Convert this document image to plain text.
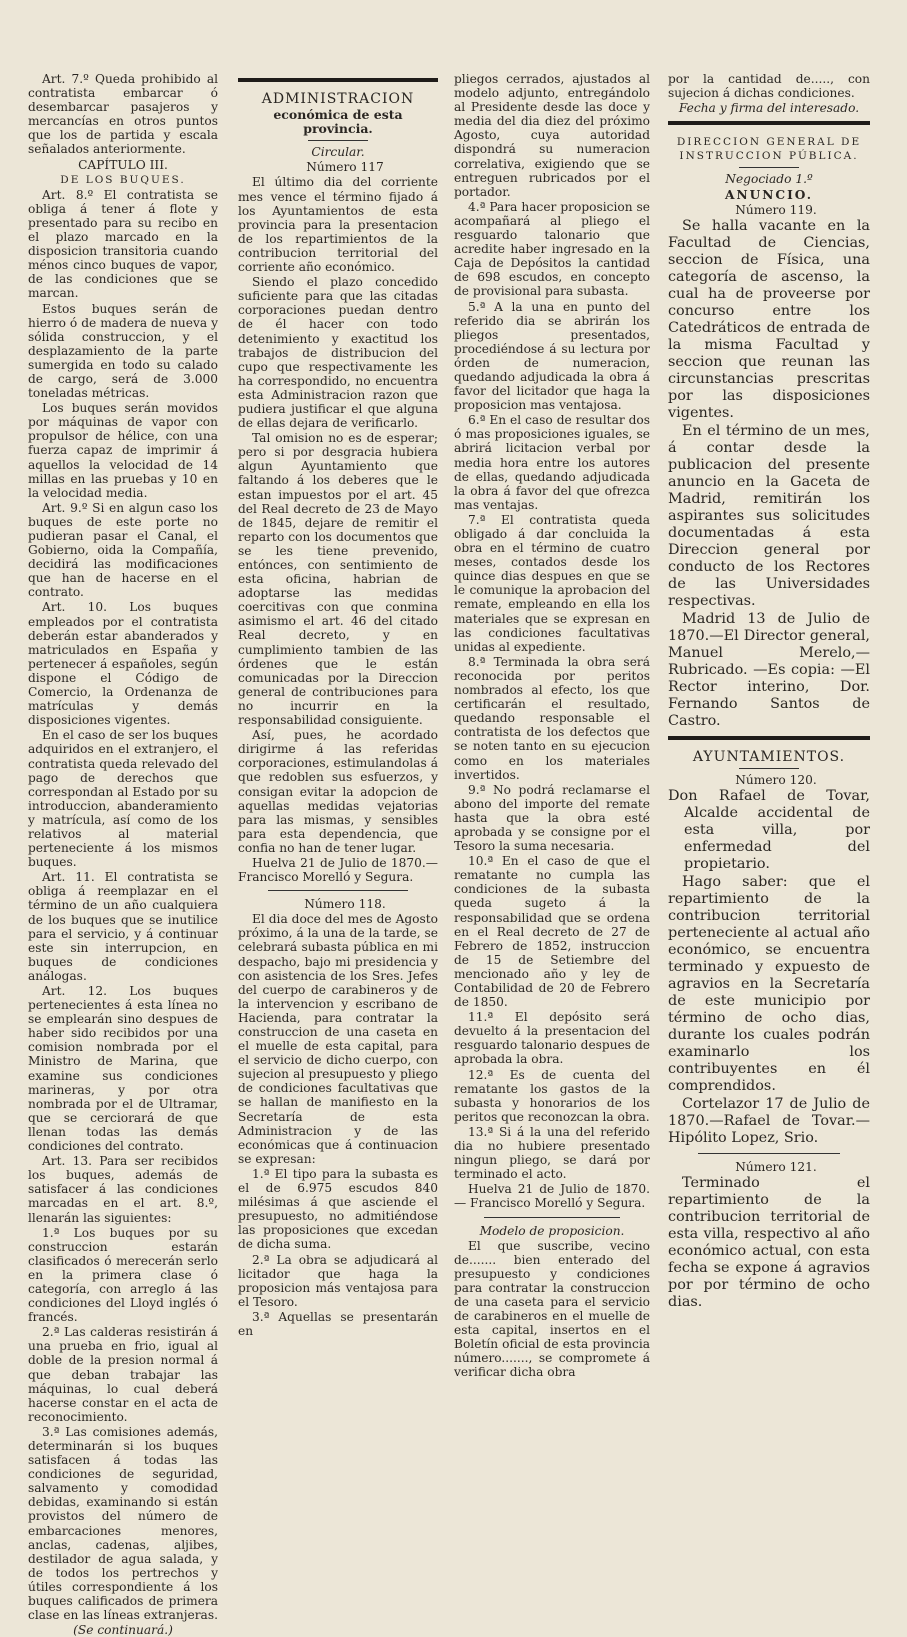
Art. 7.º Queda prohibido al contratista embarcar ó desembarcar pasajeros y mercancías en otros puntos que los de partida y escala señalados anteriormente.

CAPÍTULO III.

DE LOS BUQUES.

Art. 8.º El contratista se obliga á tener á flote y presentado para su recibo en el plazo marcado en la disposicion transitoria cuando ménos cinco buques de vapor, de las condiciones que se marcan.

Estos buques serán de hierro ó de madera de nueva y sólida construccion, y el desplazamiento de la parte sumergida en todo su calado de cargo, será de 3.000 toneladas métricas.

Los buques serán movidos por máquinas de vapor con propulsor de hélice, con una fuerza capaz de imprimir á aquellos la velocidad de 14 millas en las pruebas y 10 en la velocidad media.

Art. 9.º Si en algun caso los buques de este porte no pudieran pasar el Canal, el Gobierno, oida la Compañía, decidirá las modificaciones que han de hacerse en el contrato.

Art. 10. Los buques empleados por el contratista deberán estar abanderados y matriculados en España y pertenecer á españoles, según dispone el Código de Comercio, la Ordenanza de matrículas y demás disposiciones vigentes.

En el caso de ser los buques adquiridos en el extranjero, el contratista queda relevado del pago de derechos que correspondan al Estado por su introduccion, abanderamiento y matrícula, así como de los relativos al material perteneciente á los mismos buques.

Art. 11. El contratista se obliga á reemplazar en el término de un año cualquiera de los buques que se inutilice para el servicio, y á continuar este sin interrupcion, en buques de condiciones análogas.

Art. 12. Los buques pertenecientes á esta línea no se emplearán sino despues de haber sido recibidos por una comision nombrada por el Ministro de Marina, que examine sus condiciones marineras, y por otra nombrada por el de Ultramar, que se cerciorará de que llenan todas las demás condiciones del contrato.

Art. 13. Para ser recibidos los buques, además de satisfacer á las condiciones marcadas en el art. 8.º, llenarán las siguientes:

1.ª Los buques por su construccion estarán clasificados ó merecerán serlo en la primera clase ó categoría, con arreglo á las condiciones del Lloyd inglés ó francés.

2.ª Las calderas resistirán á una prueba en frio, igual al doble de la presion normal á que deban trabajar las máquinas, lo cual deberá hacerse constar en el acta de reconocimiento.

3.ª Las comisiones además, determinarán si los buques satisfacen á todas las condiciones de seguridad, salvamento y comodidad debidas, examinando si están provistos del número de embarcaciones menores, anclas, cadenas, aljibes, destilador de agua salada, y de todos los pertrechos y útiles correspondiente á los buques calificados de primera clase en las líneas extranjeras.

(Se continuará.)

ADMINISTRACION
económica de esta provincia.

Circular.

Número 117

El último dia del corriente mes vence el término fijado á los Ayuntamientos de esta provincia para la presentacion de los repartimientos de la contribucion territorial del corriente año económico.

Siendo el plazo concedido suficiente para que las citadas corporaciones puedan dentro de él hacer con todo detenimiento y exactitud los trabajos de distribucion del cupo que respectivamente les ha correspondido, no encuentra esta Administracion razon que pudiera justificar el que alguna de ellas dejara de verificarlo.

Tal omision no es de esperar; pero si por desgracia hubiera algun Ayuntamiento que faltando á los deberes que le estan impuestos por el art. 45 del Real decreto de 23 de Mayo de 1845, dejare de remitir el reparto con los documentos que se les tiene prevenido, entónces, con sentimiento de esta oficina, habrian de adoptarse las medidas coercitivas con que conmina asimismo el art. 46 del citado Real decreto, y en cumplimiento tambien de las órdenes que le están comunicadas por la Direccion general de contribuciones para no incurrir en la responsabilidad consiguiente.

Así, pues, he acordado dirigirme á las referidas corporaciones, estimulandolas á que redoblen sus esfuerzos, y consigan evitar la adopcion de aquellas medidas vejatorias para las mismas, y sensibles para esta dependencia, que confia no han de tener lugar.

Huelva 21 de Julio de 1870.— Francisco Morelló y Segura.

Número 118.

El dia doce del mes de Agosto próximo, á la una de la tarde, se celebrará subasta pública en mi despacho, bajo mi presidencia y con asistencia de los Sres. Jefes del cuerpo de carabineros y de la intervencion y escribano de Hacienda, para contratar la construccion de una caseta en el muelle de esta capital, para el servicio de dicho cuerpo, con sujecion al presupuesto y pliego de condiciones facultativas que se hallan de manifiesto en la Secretaría de esta Administracion y de las económicas que á continuacion se expresan:

1.ª El tipo para la subasta es el de 6.975 escudos 840 milésimas á que asciende el presupuesto, no admitiéndose las proposiciones que excedan de dicha suma.

2.ª La obra se adjudicará al licitador que haga la proposicion más ventajosa para el Tesoro.

3.ª Aquellas se presentarán en

pliegos cerrados, ajustados al modelo adjunto, entregándolo al Presidente desde las doce y media del dia diez del próximo Agosto, cuya autoridad dispondrá su numeracion correlativa, exigiendo que se entreguen rubricados por el portador.

4.ª Para hacer proposicion se acompañará al pliego el resguardo talonario que acredite haber ingresado en la Caja de Depósitos la cantidad de 698 escudos, en concepto de provisional para subasta.

5.ª A la una en punto del referido dia se abrirán los pliegos presentados, procediéndose á su lectura por órden de numeracion, quedando adjudicada la obra á favor del licitador que haga la proposicion mas ventajosa.

6.ª En el caso de resultar dos ó mas proposiciones iguales, se abrirá licitacion verbal por media hora entre los autores de ellas, quedando adjudicada la obra á favor del que ofrezca mas ventajas.

7.ª El contratista queda obligado á dar concluida la obra en el término de cuatro meses, contados desde los quince dias despues en que se le comunique la aprobacion del remate, empleando en ella los materiales que se expresan en las condiciones facultativas unidas al expediente.

8.ª Terminada la obra será reconocida por peritos nombrados al efecto, los que certificarán el resultado, quedando responsable el contratista de los defectos que se noten tanto en su ejecucion como en los materiales invertidos.

9.ª No podrá reclamarse el abono del importe del remate hasta que la obra esté aprobada y se consigne por el Tesoro la suma necesaria.

10.ª En el caso de que el rematante no cumpla las condiciones de la subasta queda sugeto á la responsabilidad que se ordena en el Real decreto de 27 de Febrero de 1852, instruccion de 15 de Setiembre del mencionado año y ley de Contabilidad de 20 de Febrero de 1850.

11.ª El depósito será devuelto á la presentacion del resguardo talonario despues de aprobada la obra.

12.ª Es de cuenta del rematante los gastos de la subasta y honorarios de los peritos que reconozcan la obra.

13.ª Si á la una del referido dia no hubiere presentado ningun pliego, se dará por terminado el acto.

Huelva 21 de Julio de 1870.— Francisco Morelló y Segura.

Modelo de proposicion.

El que suscribe, vecino de....... bien enterado del presupuesto y condiciones para contratar la construccion de una caseta para el servicio de carabineros en el muelle de esta capital, insertos en el Boletín oficial de esta provincia número......., se compromete á verificar dicha obra

por la cantidad de....., con sujecion á dichas condiciones.

Fecha y firma del interesado.

DIRECCION GENERAL DE INSTRUCCION PÚBLICA.

Negociado 1.º

ANUNCIO.

Número 119.

Se halla vacante en la Facultad de Ciencias, seccion de Física, una categoría de ascenso, la cual ha de proveerse por concurso entre los Catedráticos de entrada de la misma Facultad y seccion que reunan las circunstancias prescritas por las disposiciones vigentes.

En el término de un mes, á contar desde la publicacion del presente anuncio en la Gaceta de Madrid, remitirán los aspirantes sus solicitudes documentadas á esta Direccion general por conducto de los Rectores de las Universidades respectivas.

Madrid 13 de Julio de 1870.—El Director general, Manuel Merelo,—Rubricado. —Es copia: —El Rector interino, Dor. Fernando Santos de Castro.

AYUNTAMIENTOS.

Número 120.

Don Rafael de Tovar, Alcalde accidental de esta villa, por enfermedad del propietario.

Hago saber: que el repartimiento de la contribucion territorial perteneciente al actual año económico, se encuentra terminado y expuesto de agravios en la Secretaría de este municipio por término de ocho dias, durante los cuales podrán examinarlo los contribuyentes en él comprendidos.

Cortelazor 17 de Julio de 1870.—Rafael de Tovar.— Hipólito Lopez, Srio.

Número 121.

Terminado el repartimiento de la contribucion territorial de esta villa, respectivo al año económico actual, con esta fecha se expone á agravios por por término de ocho dias.
